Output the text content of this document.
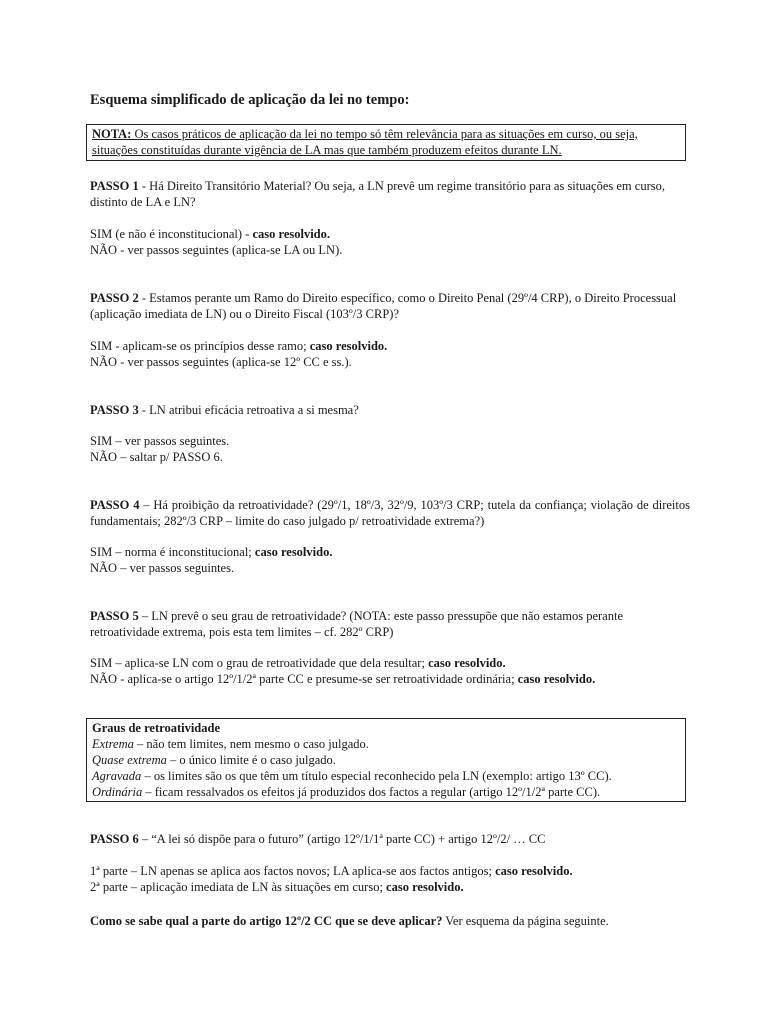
Esquema simplificado de aplicação da lei no tempo:
NOTA: Os casos práticos de aplicação da lei no tempo só têm relevância para as situações em curso, ou seja, situações constituídas durante vigência de LA mas que também produzem efeitos durante LN.
PASSO 1 - Há Direito Transitório Material? Ou seja, a LN prevê um regime transitório para as situações em curso, distinto de LA e LN?
SIM (e não é inconstitucional) - caso resolvido.
NÃO - ver passos seguintes (aplica-se LA ou LN).
PASSO 2 - Estamos perante um Ramo do Direito específico, como o Direito Penal (29º/4 CRP), o Direito Processual (aplicação imediata de LN) ou o Direito Fiscal (103º/3 CRP)?
SIM - aplicam-se os princípios desse ramo; caso resolvido.
NÃO - ver passos seguintes (aplica-se 12º CC e ss.).
PASSO 3 - LN atribui eficácia retroativa a si mesma?
SIM – ver passos seguintes.
NÃO – saltar p/ PASSO 6.
PASSO 4 – Há proibição da retroatividade? (29º/1, 18º/3, 32º/9, 103º/3 CRP; tutela da confiança; violação de direitos fundamentais; 282º/3 CRP – limite do caso julgado p/ retroatividade extrema?)
SIM – norma é inconstitucional; caso resolvido.
NÃO – ver passos seguintes.
PASSO 5 – LN prevê o seu grau de retroatividade? (NOTA: este passo pressupõe que não estamos perante retroatividade extrema, pois esta tem limites – cf. 282º CRP)
SIM – aplica-se LN com o grau de retroatividade que dela resultar; caso resolvido.
NÃO - aplica-se o artigo 12º/1/2ª parte CC e presume-se ser retroatividade ordinária; caso resolvido.
Graus de retroatividade
Extrema – não tem limites, nem mesmo o caso julgado.
Quase extrema – o único limite é o caso julgado.
Agravada – os limites são os que têm um título especial reconhecido pela LN (exemplo: artigo 13º CC).
Ordinária – ficam ressalvados os efeitos já produzidos dos factos a regular (artigo 12º/1/2ª parte CC).
PASSO 6 – “A lei só dispõe para o futuro” (artigo 12º/1/1ª parte CC) + artigo 12º/2/ … CC
1ª parte – LN apenas se aplica aos factos novos; LA aplica-se aos factos antigos; caso resolvido.
2ª parte – aplicação imediata de LN às situações em curso; caso resolvido.
Como se sabe qual a parte do artigo 12º/2 CC que se deve aplicar? Ver esquema da página seguinte.
